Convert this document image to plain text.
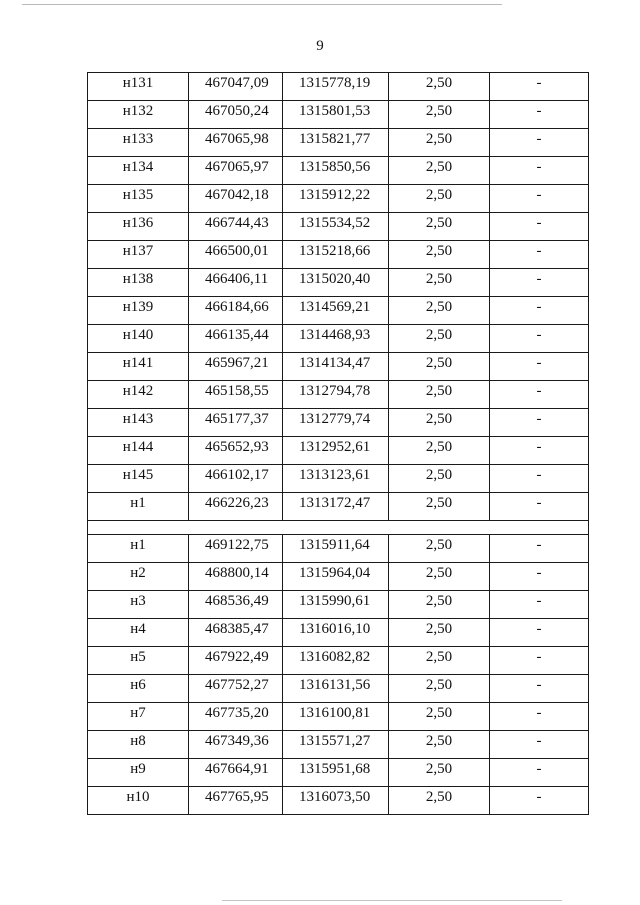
9
н131	467047,09	1315778,19	2,50	-
н132	467050,24	1315801,53	2,50	-
н133	467065,98	1315821,77	2,50	-
н134	467065,97	1315850,56	2,50	-
н135	467042,18	1315912,22	2,50	-
н136	466744,43	1315534,52	2,50	-
н137	466500,01	1315218,66	2,50	-
н138	466406,11	1315020,40	2,50	-
н139	466184,66	1314569,21	2,50	-
н140	466135,44	1314468,93	2,50	-
н141	465967,21	1314134,47	2,50	-
н142	465158,55	1312794,78	2,50	-
н143	465177,37	1312779,74	2,50	-
н144	465652,93	1312952,61	2,50	-
н145	466102,17	1313123,61	2,50	-
н1	466226,23	1313172,47	2,50	-

н1	469122,75	1315911,64	2,50	-
н2	468800,14	1315964,04	2,50	-
н3	468536,49	1315990,61	2,50	-
н4	468385,47	1316016,10	2,50	-
н5	467922,49	1316082,82	2,50	-
н6	467752,27	1316131,56	2,50	-
н7	467735,20	1316100,81	2,50	-
н8	467349,36	1315571,27	2,50	-
н9	467664,91	1315951,68	2,50	-
н10	467765,95	1316073,50	2,50	-
